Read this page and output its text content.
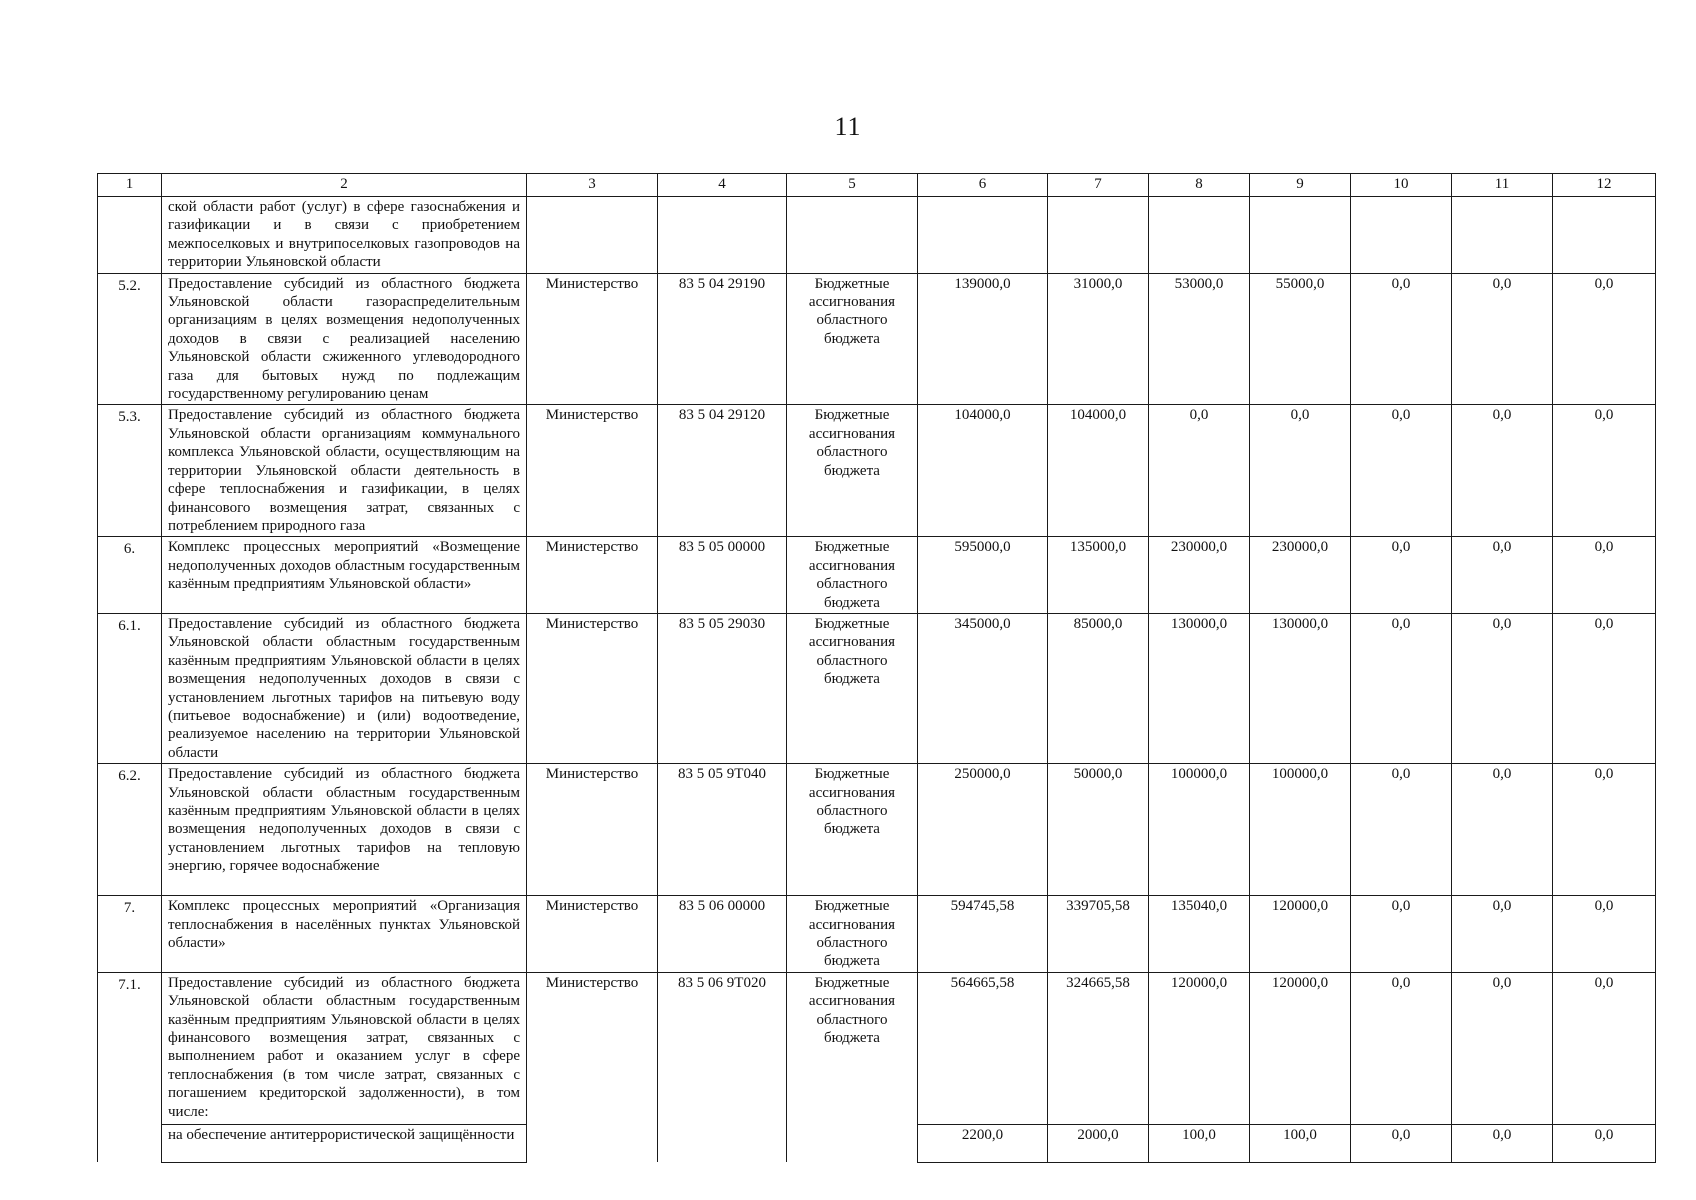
11
1	2	3	4	5	6	7	8	9	10	11	12
	ской области работ (услуг) в сфере газоснабжения и газификации и в связи с приобретением межпоселковых и внутрипоселковых газопроводов на территории Ульяновской области										
5.2.	Предоставление субсидий из областного бюджета Ульяновской области газораспределительным организациям в целях возмещения недополученных доходов в связи с реализацией населению Ульяновской области сжиженного углеводородного газа для бытовых нужд по подлежащим государственному регулированию ценам	Министерство	83 5 04 29190	Бюджетные ассигнования областного бюджета	139000,0	31000,0	53000,0	55000,0	0,0	0,0	0,0
5.3.	Предоставление субсидий из областного бюджета Ульяновской области организациям коммунального комплекса Ульяновской области, осуществляющим на территории Ульяновской области деятельность в сфере теплоснабжения и газификации, в целях финансового возмещения затрат, связанных с потреблением природного газа	Министерство	83 5 04 29120	Бюджетные ассигнования областного бюджета	104000,0	104000,0	0,0	0,0	0,0	0,0	0,0
6.	Комплекс процессных мероприятий «Возмещение недополученных доходов областным государственным казённым предприятиям Ульяновской области»	Министерство	83 5 05 00000	Бюджетные ассигнования областного бюджета	595000,0	135000,0	230000,0	230000,0	0,0	0,0	0,0
6.1.	Предоставление субсидий из областного бюджета Ульяновской области областным государственным казённым предприятиям Ульяновской области в целях возмещения недополученных доходов в связи с установлением льготных тарифов на питьевую воду (питьевое водоснабжение) и (или) водоотведение, реализуемое населению на территории Ульяновской области	Министерство	83 5 05 29030	Бюджетные ассигнования областного бюджета	345000,0	85000,0	130000,0	130000,0	0,0	0,0	0,0
6.2.	Предоставление субсидий из областного бюджета Ульяновской области областным государственным казённым предприятиям Ульяновской области в целях возмещения недополученных доходов в связи с установлением льготных тарифов на тепловую энергию, горячее водоснабжение	Министерство	83 5 05 9Т040	Бюджетные ассигнования областного бюджета	250000,0	50000,0	100000,0	100000,0	0,0	0,0	0,0
7.	Комплекс процессных мероприятий «Организация теплоснабжения в населённых пунктах Ульяновской области»	Министерство	83 5 06 00000	Бюджетные ассигнования областного бюджета	594745,58	339705,58	135040,0	120000,0	0,0	0,0	0,0
7.1.	Предоставление субсидий из областного бюджета Ульяновской области областным государственным казённым предприятиям Ульяновской области в целях финансового возмещения затрат, связанных с выполнением работ и оказанием услуг в сфере теплоснабжения (в том числе затрат, связанных с погашением кредиторской задолженности), в том числе:	Министерство	83 5 06 9Т020	Бюджетные ассигнования областного бюджета	564665,58	324665,58	120000,0	120000,0	0,0	0,0	0,0
	на обеспечение антитеррористической защищённости				2200,0	2000,0	100,0	100,0	0,0	0,0	0,0
